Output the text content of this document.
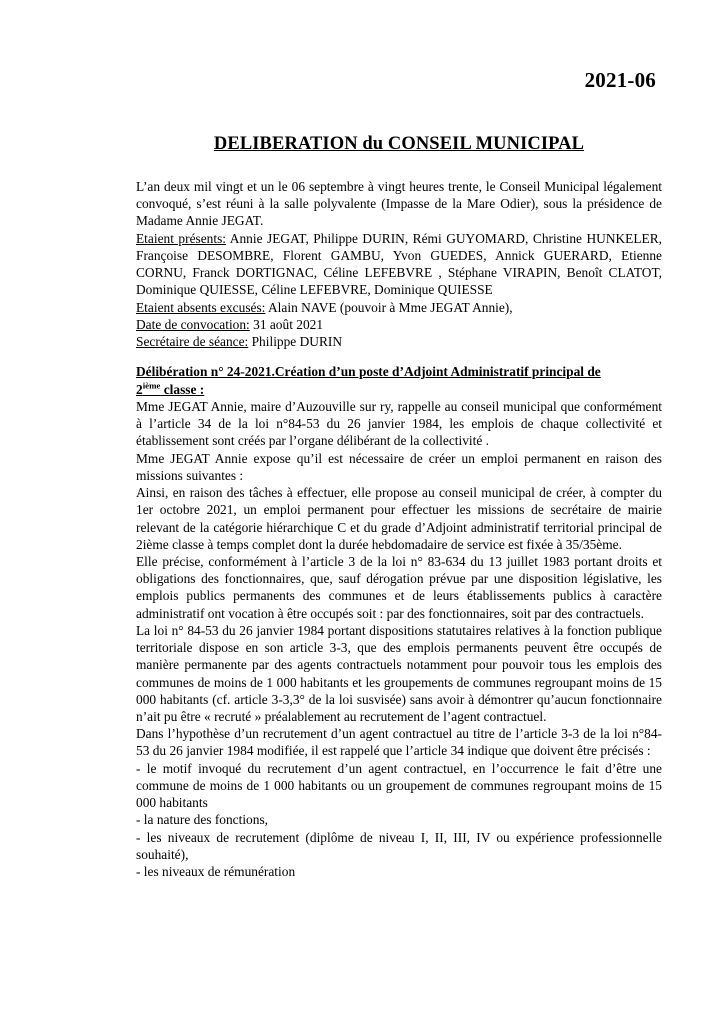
2021-06
DELIBERATION du CONSEIL MUNICIPAL

L’an deux mil vingt et un le 06 septembre à vingt heures trente, le Conseil Municipal légalement convoqué, s’est réuni à la salle polyvalente (Impasse de la Mare Odier), sous la présidence de Madame Annie JEGAT.

Etaient présents: Annie JEGAT, Philippe DURIN, Rémi GUYOMARD, Christine HUNKELER, Françoise DESOMBRE, Florent GAMBU, Yvon GUEDES, Annick GUERARD, Etienne CORNU, Franck DORTIGNAC, Céline LEFEBVRE , Stéphane VIRAPIN, Benoît CLATOT, Dominique QUIESSE, Céline LEFEBVRE, Dominique QUIESSE

Etaient absents excusés: Alain NAVE (pouvoir à Mme JEGAT Annie),

Date de convocation: 31 août 2021

Secrétaire de séance: Philippe DURIN

Délibération n° 24-2021.Création d’un poste d’Adjoint Administratif principal de
2ième classe :

Mme JEGAT Annie, maire d’Auzouville sur ry, rappelle au conseil municipal que conformément à l’article 34 de la loi n°84-53 du 26 janvier 1984, les emplois de chaque collectivité et établissement sont créés par l’organe délibérant de la collectivité .

Mme JEGAT Annie expose qu’il est nécessaire de créer un emploi permanent en raison des missions suivantes :

Ainsi, en raison des tâches à effectuer, elle propose au conseil municipal de créer, à compter du 1er octobre 2021, un emploi permanent pour effectuer les missions de secrétaire de mairie relevant de la catégorie hiérarchique C et du grade d’Adjoint administratif territorial principal de 2ième classe à temps complet dont la durée hebdomadaire de service est fixée à 35/35ème.

Elle précise, conformément à l’article 3 de la loi n° 83-634 du 13 juillet 1983 portant droits et obligations des fonctionnaires, que, sauf dérogation prévue par une disposition législative, les emplois publics permanents des communes et de leurs établissements publics à caractère administratif ont vocation à être occupés soit : par des fonctionnaires, soit par des contractuels.

La loi n° 84-53 du 26 janvier 1984 portant dispositions statutaires relatives à la fonction publique territoriale dispose en son article 3-3, que des emplois permanents peuvent être occupés de manière permanente par des agents contractuels notamment pour pouvoir tous les emplois des communes de moins de 1 000 habitants et les groupements de communes regroupant moins de 15 000 habitants (cf. article 3-3,3° de la loi susvisée) sans avoir à démontrer qu’aucun fonctionnaire n’ait pu être « recruté » préalablement au recrutement de l’agent contractuel.

Dans l’hypothèse d’un recrutement d’un agent contractuel au titre de l’article 3-3 de la loi n°84-53 du 26 janvier 1984 modifiée, il est rappelé que l’article 34 indique que doivent être précisés :

- le motif invoqué du recrutement d’un agent contractuel, en l’occurrence le fait d’être une commune de moins de 1 000 habitants ou un groupement de communes regroupant moins de 15 000 habitants

- la nature des fonctions,

- les niveaux de recrutement (diplôme de niveau I, II, III, IV ou expérience professionnelle souhaité),

- les niveaux de rémunération
